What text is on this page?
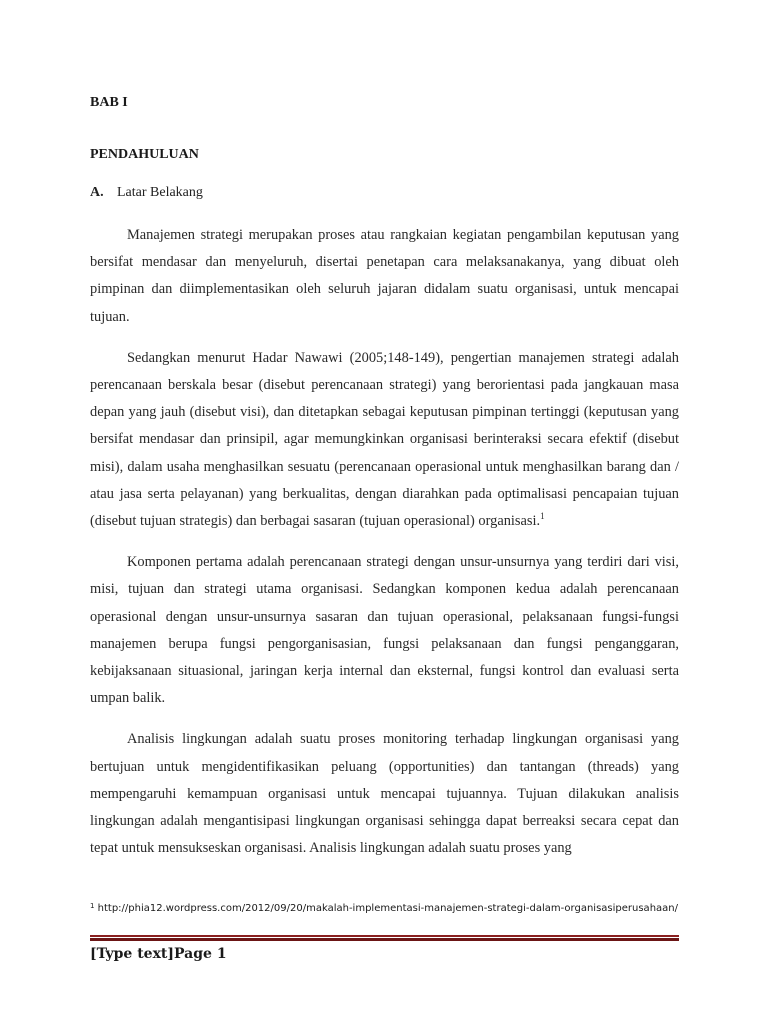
BAB I
PENDAHULUAN
A. Latar Belakang

Manajemen strategi merupakan proses atau rangkaian kegiatan pengambilan keputusan yang bersifat mendasar dan menyeluruh, disertai penetapan cara melaksanakanya, yang dibuat oleh pimpinan dan diimplementasikan oleh seluruh jajaran didalam suatu organisasi, untuk mencapai tujuan.

Sedangkan menurut Hadar Nawawi (2005;148-149), pengertian manajemen strategi adalah perencanaan berskala besar (disebut perencanaan strategi) yang berorientasi pada jangkauan masa depan yang jauh (disebut visi), dan ditetapkan sebagai keputusan pimpinan tertinggi (keputusan yang bersifat mendasar dan prinsipil, agar memungkinkan organisasi berinteraksi secara efektif (disebut misi), dalam usaha menghasilkan sesuatu (perencanaan operasional untuk menghasilkan barang dan / atau jasa serta pelayanan) yang berkualitas, dengan diarahkan pada optimalisasi pencapaian tujuan (disebut tujuan strategis) dan berbagai sasaran (tujuan operasional) organisasi.$^1$

Komponen pertama adalah perencanaan strategi dengan unsur-unsurnya yang terdiri dari visi, misi, tujuan dan strategi utama organisasi. Sedangkan komponen kedua adalah perencanaan operasional dengan unsur-unsurnya sasaran dan tujuan operasional, pelaksanaan fungsi-fungsi manajemen berupa fungsi pengorganisasian, fungsi pelaksanaan dan fungsi penganggaran, kebijaksanaan situasional, jaringan kerja internal dan eksternal, fungsi kontrol dan evaluasi serta umpan balik.

Analisis lingkungan adalah suatu proses monitoring terhadap lingkungan organisasi yang bertujuan untuk mengidentifikasikan peluang (opportunities) dan tantangan (threads) yang mempengaruhi kemampuan organisasi untuk mencapai tujuannya. Tujuan dilakukan analisis lingkungan adalah mengantisipasi lingkungan organisasi sehingga dapat berreaksi secara cepat dan tepat untuk mensukseskan organisasi. Analisis lingkungan adalah suatu proses yang

$^1$ http://phia12.wordpress.com/2012/09/20/makalah-implementasi-manajemen-strategi-dalam-organisasiperusahaan/
[Type text]Page 1
